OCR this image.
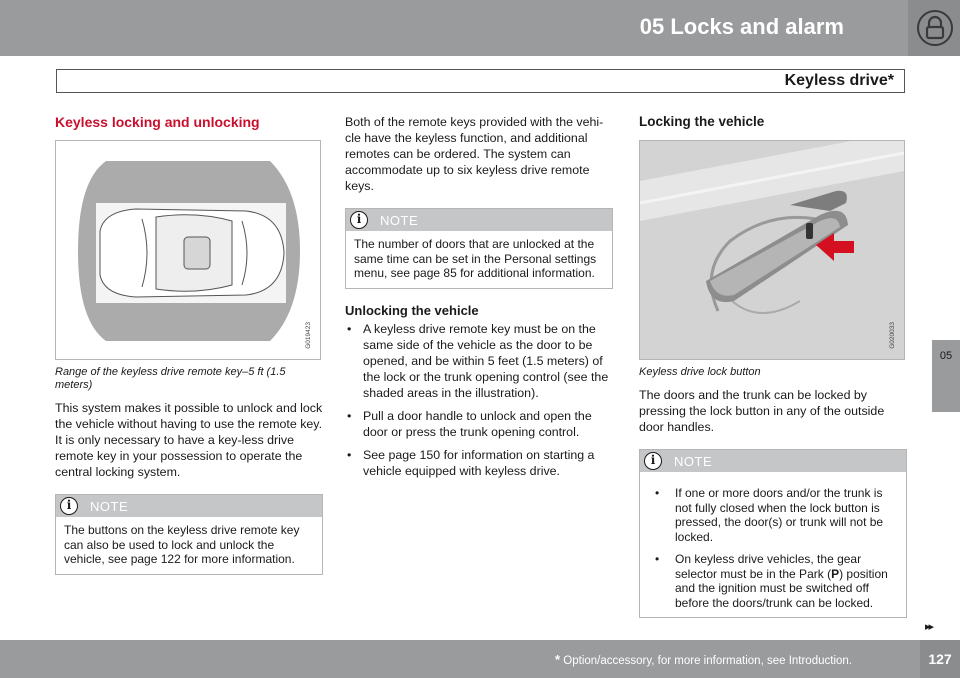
05 Locks and alarm
Keyless drive*
05
Keyless locking and unlocking
G019423
Range of the keyless drive remote key–5 ft (1.5 meters)
This system makes it possible to unlock and lock the vehicle without having to use the remote key. It is only necessary to have a key-less drive remote key in your possession to operate the central locking system.
i	NOTE
The buttons on the keyless drive remote key can also be used to lock and unlock the vehicle, see page 122 for more information.
Both of the remote keys provided with the vehi-cle have the keyless function, and additional remotes can be ordered. The system can accommodate up to six keyless drive remote keys.
i	NOTE
The number of doors that are unlocked at the same time can be set in the Personal settings menu, see page 85 for additional information.
Unlocking the vehicle
• A keyless drive remote key must be on the same side of the vehicle as the door to be opened, and be within 5 feet (1.5 meters) of the lock or the trunk opening control (see the shaded areas in the illustration).
• Pull a door handle to unlock and open the door or press the trunk opening control.
• See page 150 for information on starting a vehicle equipped with keyless drive.
Locking the vehicle
G020033
Keyless drive lock button
The doors and the trunk can be locked by pressing the lock button in any of the outside door handles.
i	NOTE
• If one or more doors and/or the trunk is not fully closed when the lock button is pressed, the door(s) or trunk will not be locked.
• On keyless drive vehicles, the gear selector must be in the Park (P) position and the ignition must be switched off before the doors/trunk can be locked.
▸▸
* Option/accessory, for more information, see Introduction.	127
